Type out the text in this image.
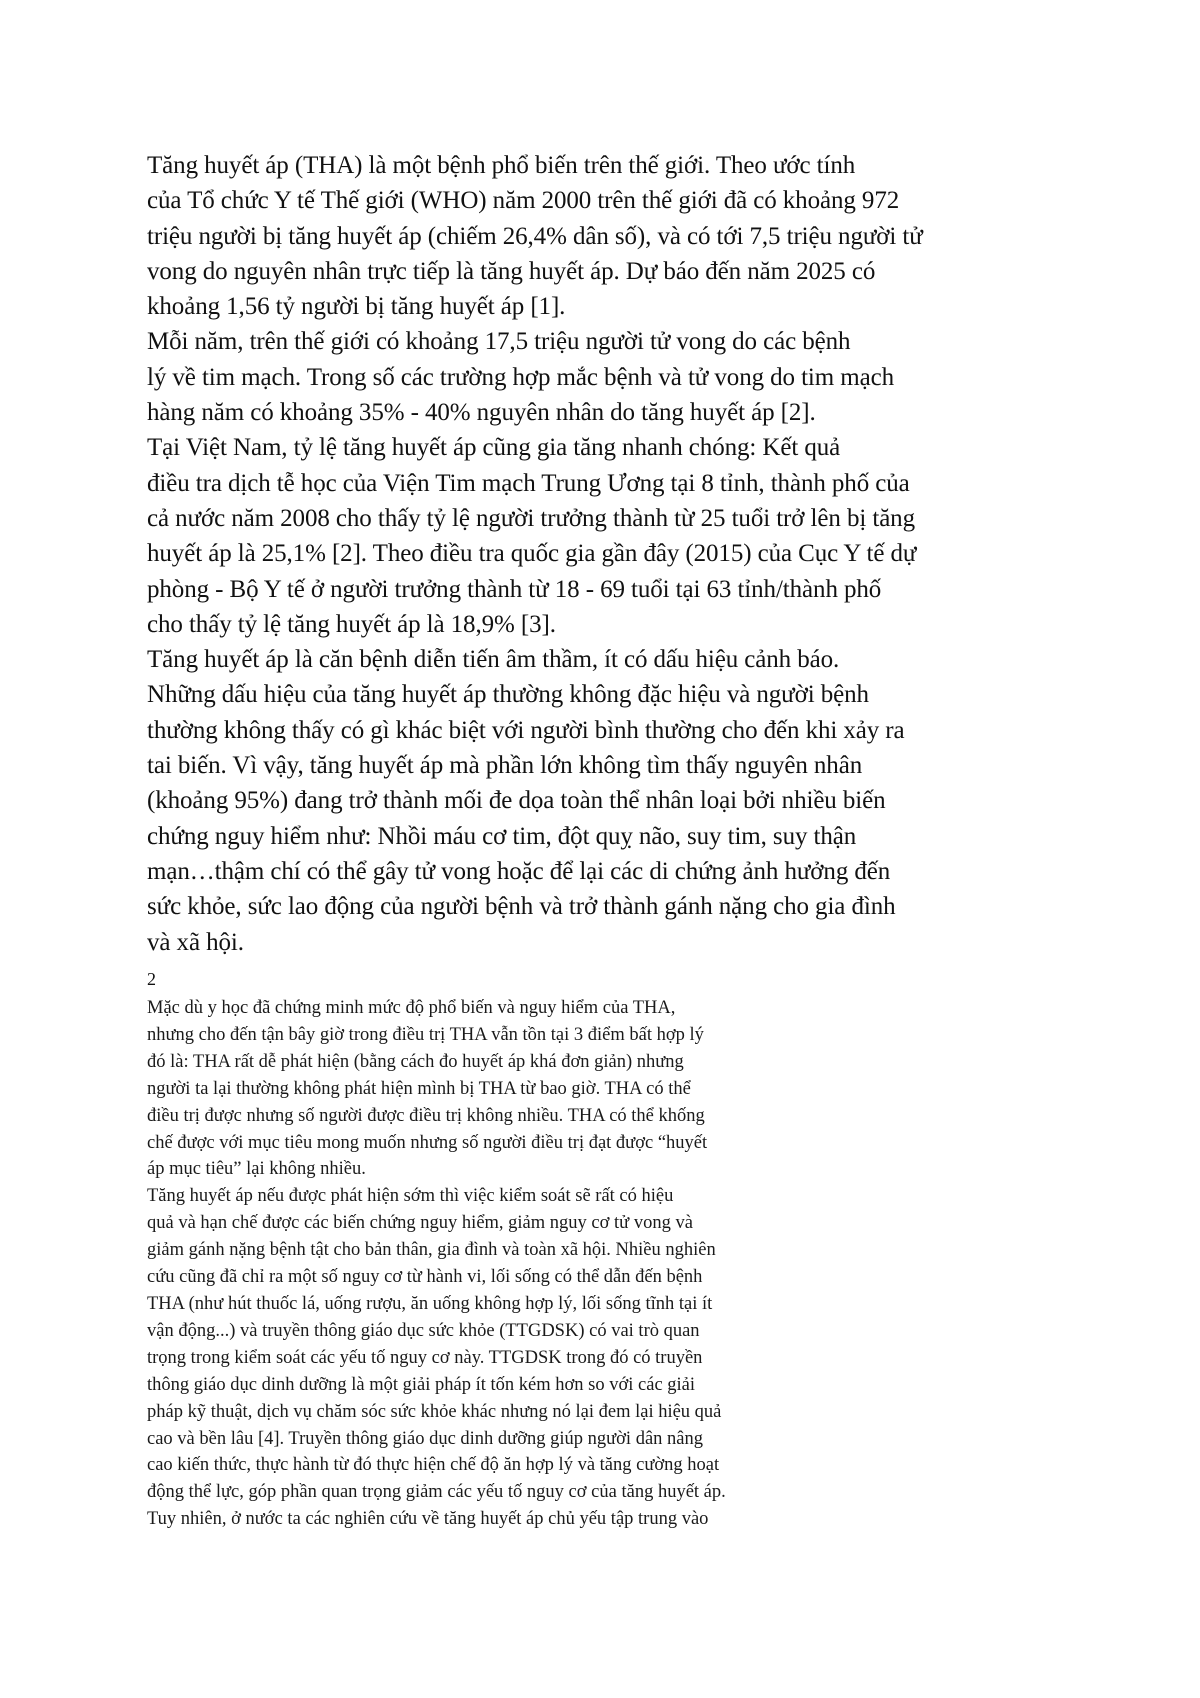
Tăng huyết áp (THA) là một bệnh phổ biến trên thế giới. Theo ước tính
của Tổ chức Y tế Thế giới (WHO) năm 2000 trên thế giới đã có khoảng 972
triệu người bị tăng huyết áp (chiếm 26,4% dân số), và có tới 7,5 triệu người tử
vong do nguyên nhân trực tiếp là tăng huyết áp. Dự báo đến năm 2025 có
khoảng 1,56 tỷ người bị tăng huyết áp [1].
Mỗi năm, trên thế giới có khoảng 17,5 triệu người tử vong do các bệnh
lý về tim mạch. Trong số các trường hợp mắc bệnh và tử vong do tim mạch
hàng năm có khoảng 35% - 40% nguyên nhân do tăng huyết áp [2].
Tại Việt Nam, tỷ lệ tăng huyết áp cũng gia tăng nhanh chóng: Kết quả
điều tra dịch tễ học của Viện Tim mạch Trung Ương tại 8 tỉnh, thành phố của
cả nước năm 2008 cho thấy tỷ lệ người trưởng thành từ 25 tuổi trở lên bị tăng
huyết áp là 25,1% [2]. Theo điều tra quốc gia gần đây (2015) của Cục Y tế dự
phòng - Bộ Y tế ở người trưởng thành từ 18 - 69 tuổi tại 63 tỉnh/thành phố
cho thấy tỷ lệ tăng huyết áp là 18,9% [3].
Tăng huyết áp là căn bệnh diễn tiến âm thầm, ít có dấu hiệu cảnh báo.
Những dấu hiệu của tăng huyết áp thường không đặc hiệu và người bệnh
thường không thấy có gì khác biệt với người bình thường cho đến khi xảy ra
tai biến. Vì vậy, tăng huyết áp mà phần lớn không tìm thấy nguyên nhân
(khoảng 95%) đang trở thành mối đe dọa toàn thể nhân loại bởi nhiều biến
chứng nguy hiểm như: Nhồi máu cơ tim, đột quỵ não, suy tim, suy thận
mạn…thậm chí có thể gây tử vong hoặc để lại các di chứng ảnh hưởng đến
sức khỏe, sức lao động của người bệnh và trở thành gánh nặng cho gia đình
và xã hội.
2
Mặc dù y học đã chứng minh mức độ phổ biến và nguy hiểm của THA,
nhưng cho đến tận bây giờ trong điều trị THA vẫn tồn tại 3 điểm bất hợp lý
đó là: THA rất dễ phát hiện (bằng cách đo huyết áp khá đơn giản) nhưng
người ta lại thường không phát hiện mình bị THA từ bao giờ. THA có thể
điều trị được nhưng số người được điều trị không nhiều. THA có thể khống
chế được với mục tiêu mong muốn nhưng số người điều trị đạt được “huyết
áp mục tiêu” lại không nhiều.
Tăng huyết áp nếu được phát hiện sớm thì việc kiểm soát sẽ rất có hiệu
quả và hạn chế được các biến chứng nguy hiểm, giảm nguy cơ tử vong và
giảm gánh nặng bệnh tật cho bản thân, gia đình và toàn xã hội. Nhiều nghiên
cứu cũng đã chỉ ra một số nguy cơ từ hành vi, lối sống có thể dẫn đến bệnh
THA (như hút thuốc lá, uống rượu, ăn uống không hợp lý, lối sống tĩnh tại ít
vận động...) và truyền thông giáo dục sức khỏe (TTGDSK) có vai trò quan
trọng trong kiểm soát các yếu tố nguy cơ này. TTGDSK trong đó có truyền
thông giáo dục dinh dưỡng là một giải pháp ít tốn kém hơn so với các giải
pháp kỹ thuật, dịch vụ chăm sóc sức khỏe khác nhưng nó lại đem lại hiệu quả
cao và bền lâu [4]. Truyền thông giáo dục dinh dưỡng giúp người dân nâng
cao kiến thức, thực hành từ đó thực hiện chế độ ăn hợp lý và tăng cường hoạt
động thể lực, góp phần quan trọng giảm các yếu tố nguy cơ của tăng huyết áp.
Tuy nhiên, ở nước ta các nghiên cứu về tăng huyết áp chủ yếu tập trung vào
